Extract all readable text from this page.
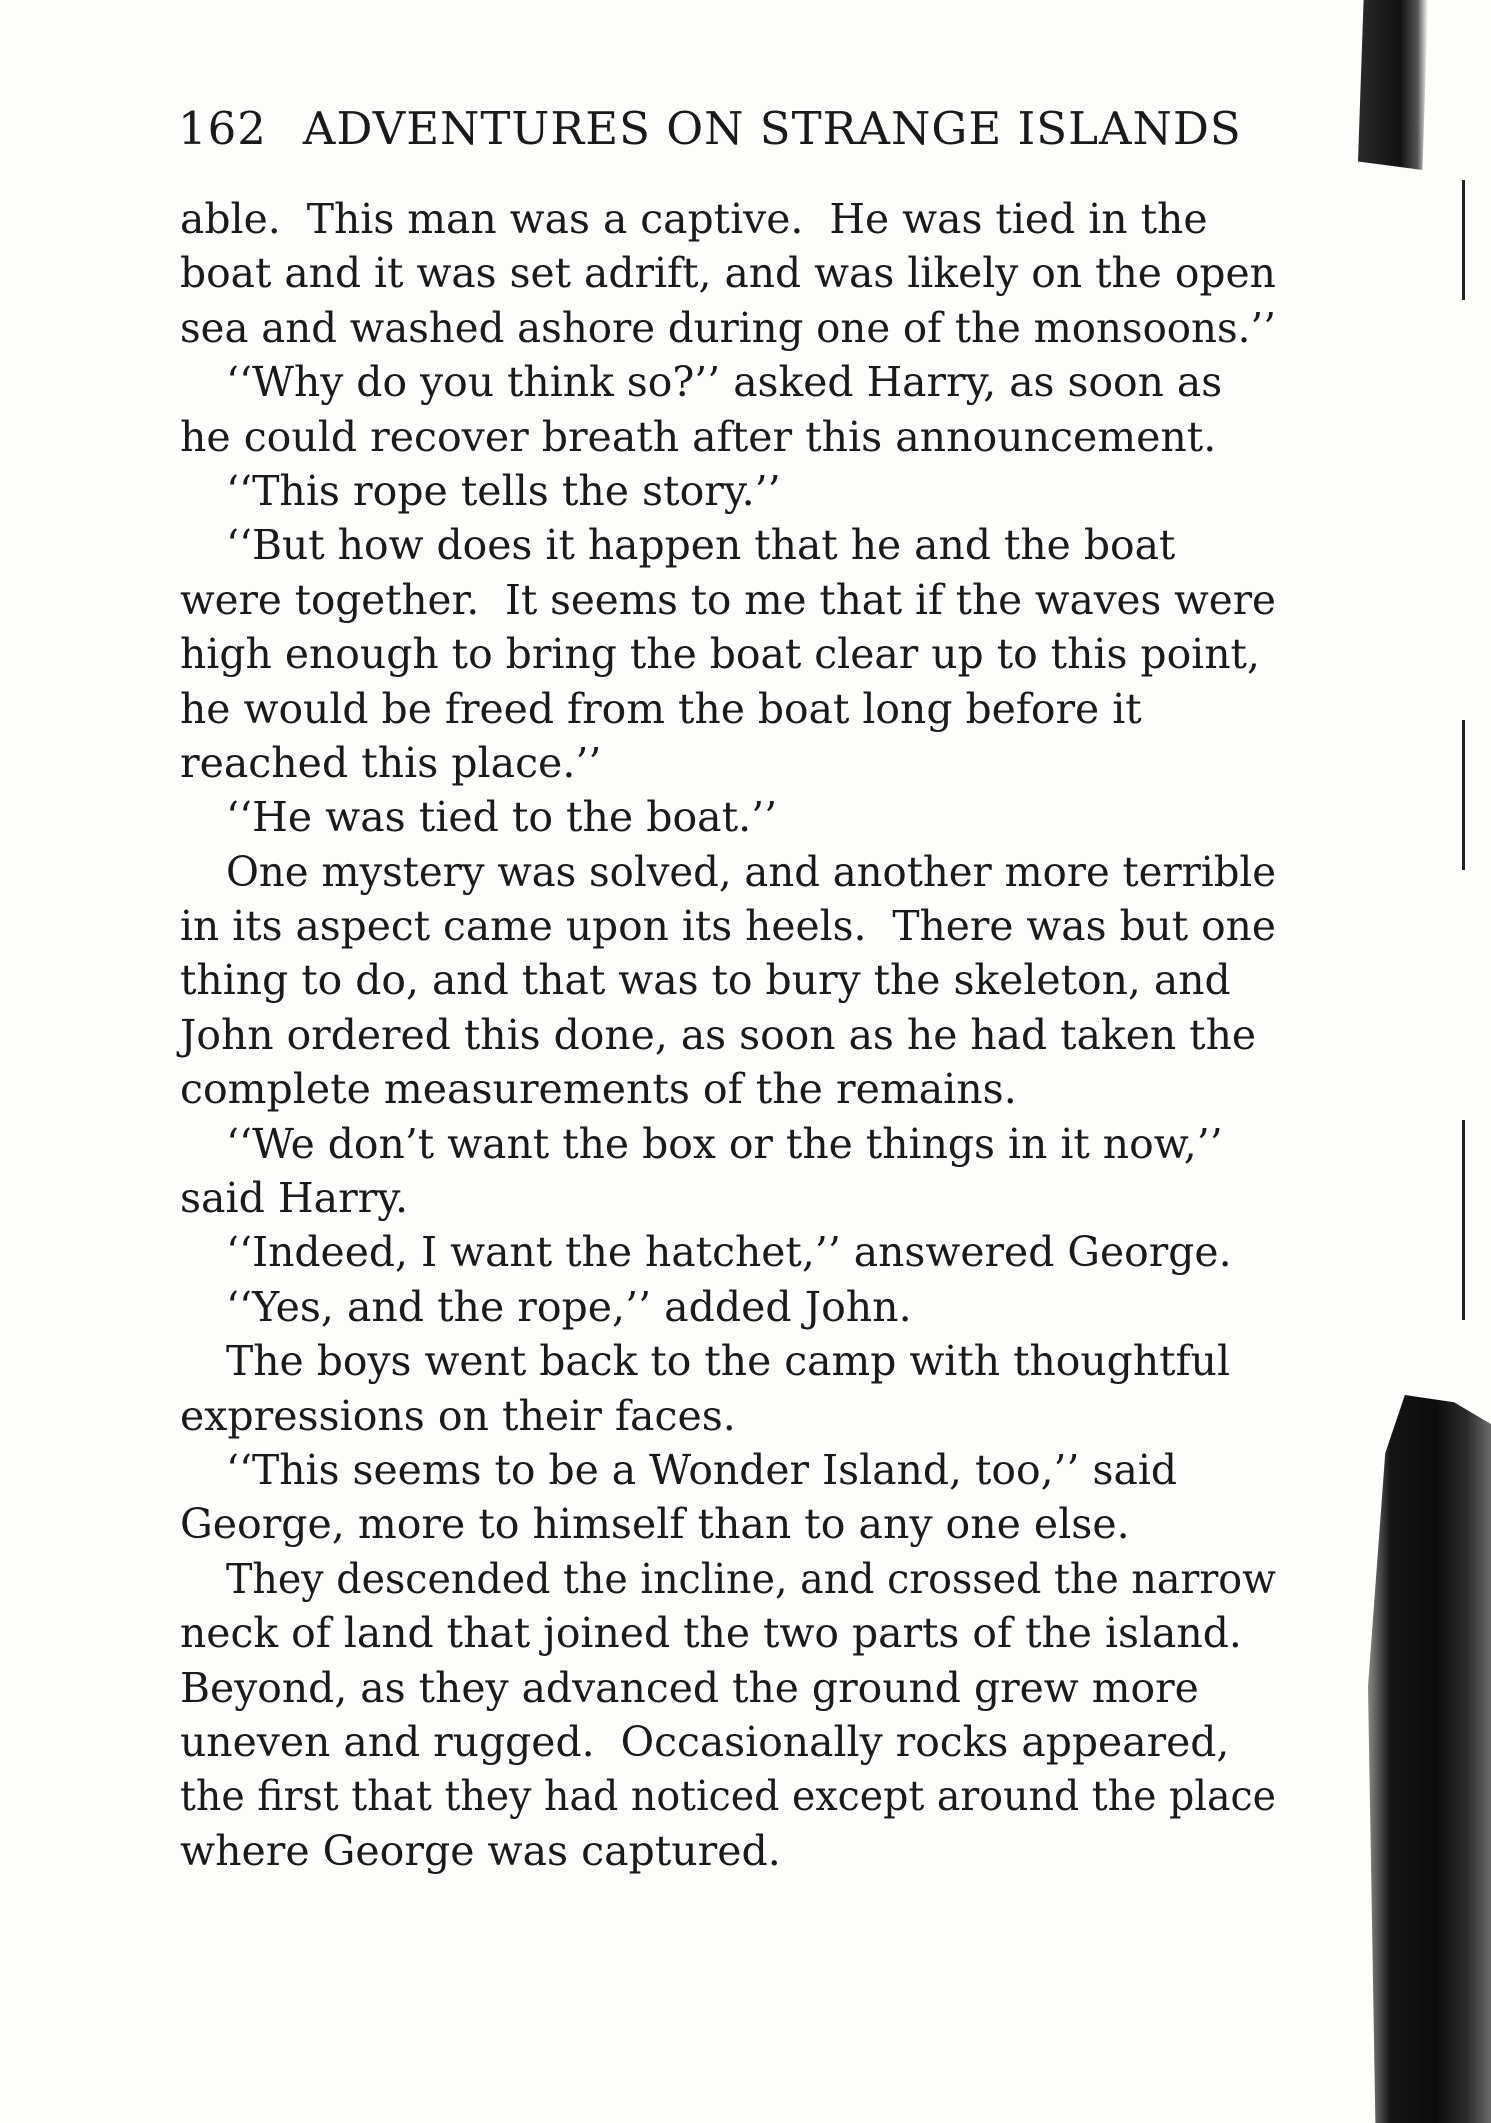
162 ADVENTURES ON STRANGE ISLANDS
able.  This man was a captive.  He was tied in the
boat and it was set adrift, and was likely on the open
sea and washed ashore during one of the monsoons.’’
‘‘Why do you think so?’’ asked Harry, as soon as
he could recover breath after this announcement.
‘‘This rope tells the story.’’
‘‘But how does it happen that he and the boat
were together.  It seems to me that if the waves were
high enough to bring the boat clear up to this point,
he would be freed from the boat long before it
reached this place.’’
‘‘He was tied to the boat.’’
One mystery was solved, and another more terrible
in its aspect came upon its heels.  There was but one
thing to do, and that was to bury the skeleton, and
John ordered this done, as soon as he had taken the
complete measurements of the remains.
‘‘We don’t want the box or the things in it now,’’
said Harry.
‘‘Indeed, I want the hatchet,’’ answered George.
‘‘Yes, and the rope,’’ added John.
The boys went back to the camp with thoughtful
expressions on their faces.
‘‘This seems to be a Wonder Island, too,’’ said
George, more to himself than to any one else.
They descended the incline, and crossed the narrow
neck of land that joined the two parts of the island.
Beyond, as they advanced the ground grew more
uneven and rugged.  Occasionally rocks appeared,
the first that they had noticed except around the place
where George was captured.
